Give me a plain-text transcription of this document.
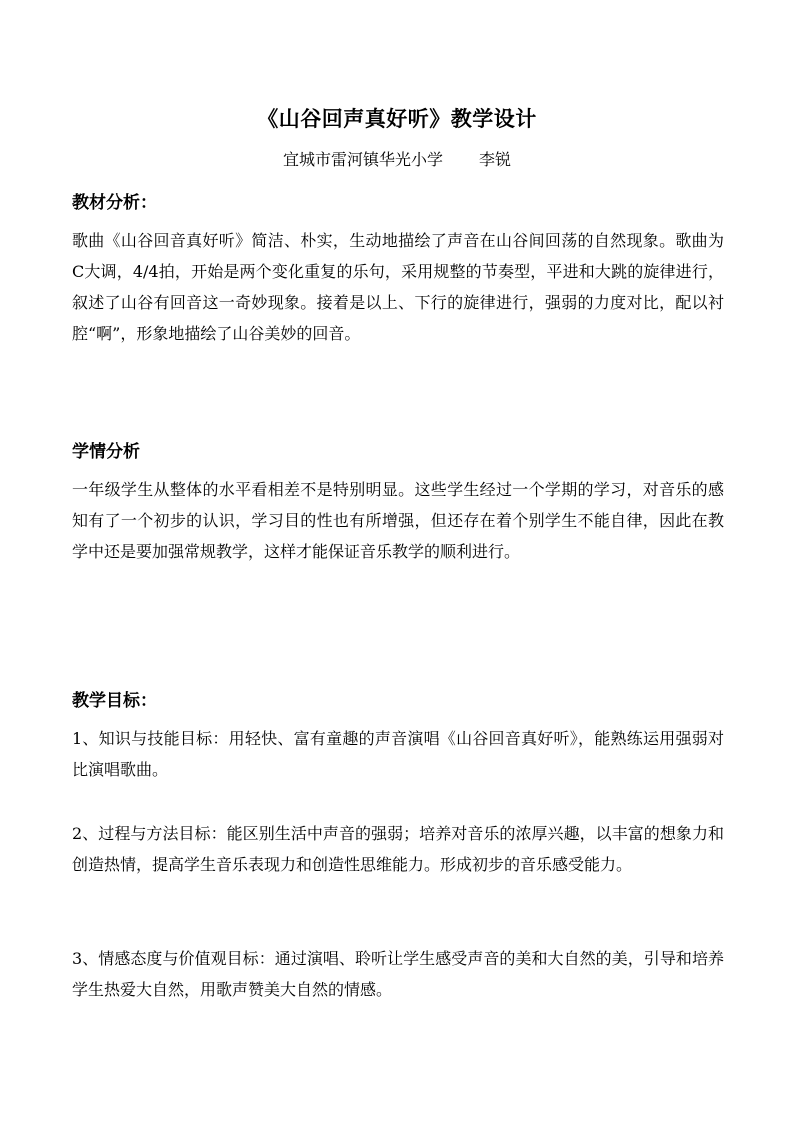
《山谷回声真好听》教学设计
宜城市雷河镇华光小学 李锐
教材分析：
歌曲《山谷回音真好听》简洁、朴实，生动地描绘了声音在山谷间回荡的自然现象。歌曲为C大调，4/4拍，开始是两个变化重复的乐句，采用规整的节奏型，平进和大跳的旋律进行，叙述了山谷有回音这一奇妙现象。接着是以上、下行的旋律进行，强弱的力度对比，配以衬腔“啊”，形象地描绘了山谷美妙的回音。
学情分析
一年级学生从整体的水平看相差不是特别明显。这些学生经过一个学期的学习，对音乐的感知有了一个初步的认识，学习目的性也有所增强，但还存在着个别学生不能自律，因此在教学中还是要加强常规教学，这样才能保证音乐教学的顺利进行。
教学目标：
1、知识与技能目标：用轻快、富有童趣的声音演唱《山谷回音真好听》，能熟练运用强弱对比演唱歌曲。
2、过程与方法目标：能区别生活中声音的强弱；培养对音乐的浓厚兴趣，以丰富的想象力和创造热情，提高学生音乐表现力和创造性思维能力。形成初步的音乐感受能力。
3、情感态度与价值观目标：通过演唱、聆听让学生感受声音的美和大自然的美，引导和培养学生热爱大自然，用歌声赞美大自然的情感。
